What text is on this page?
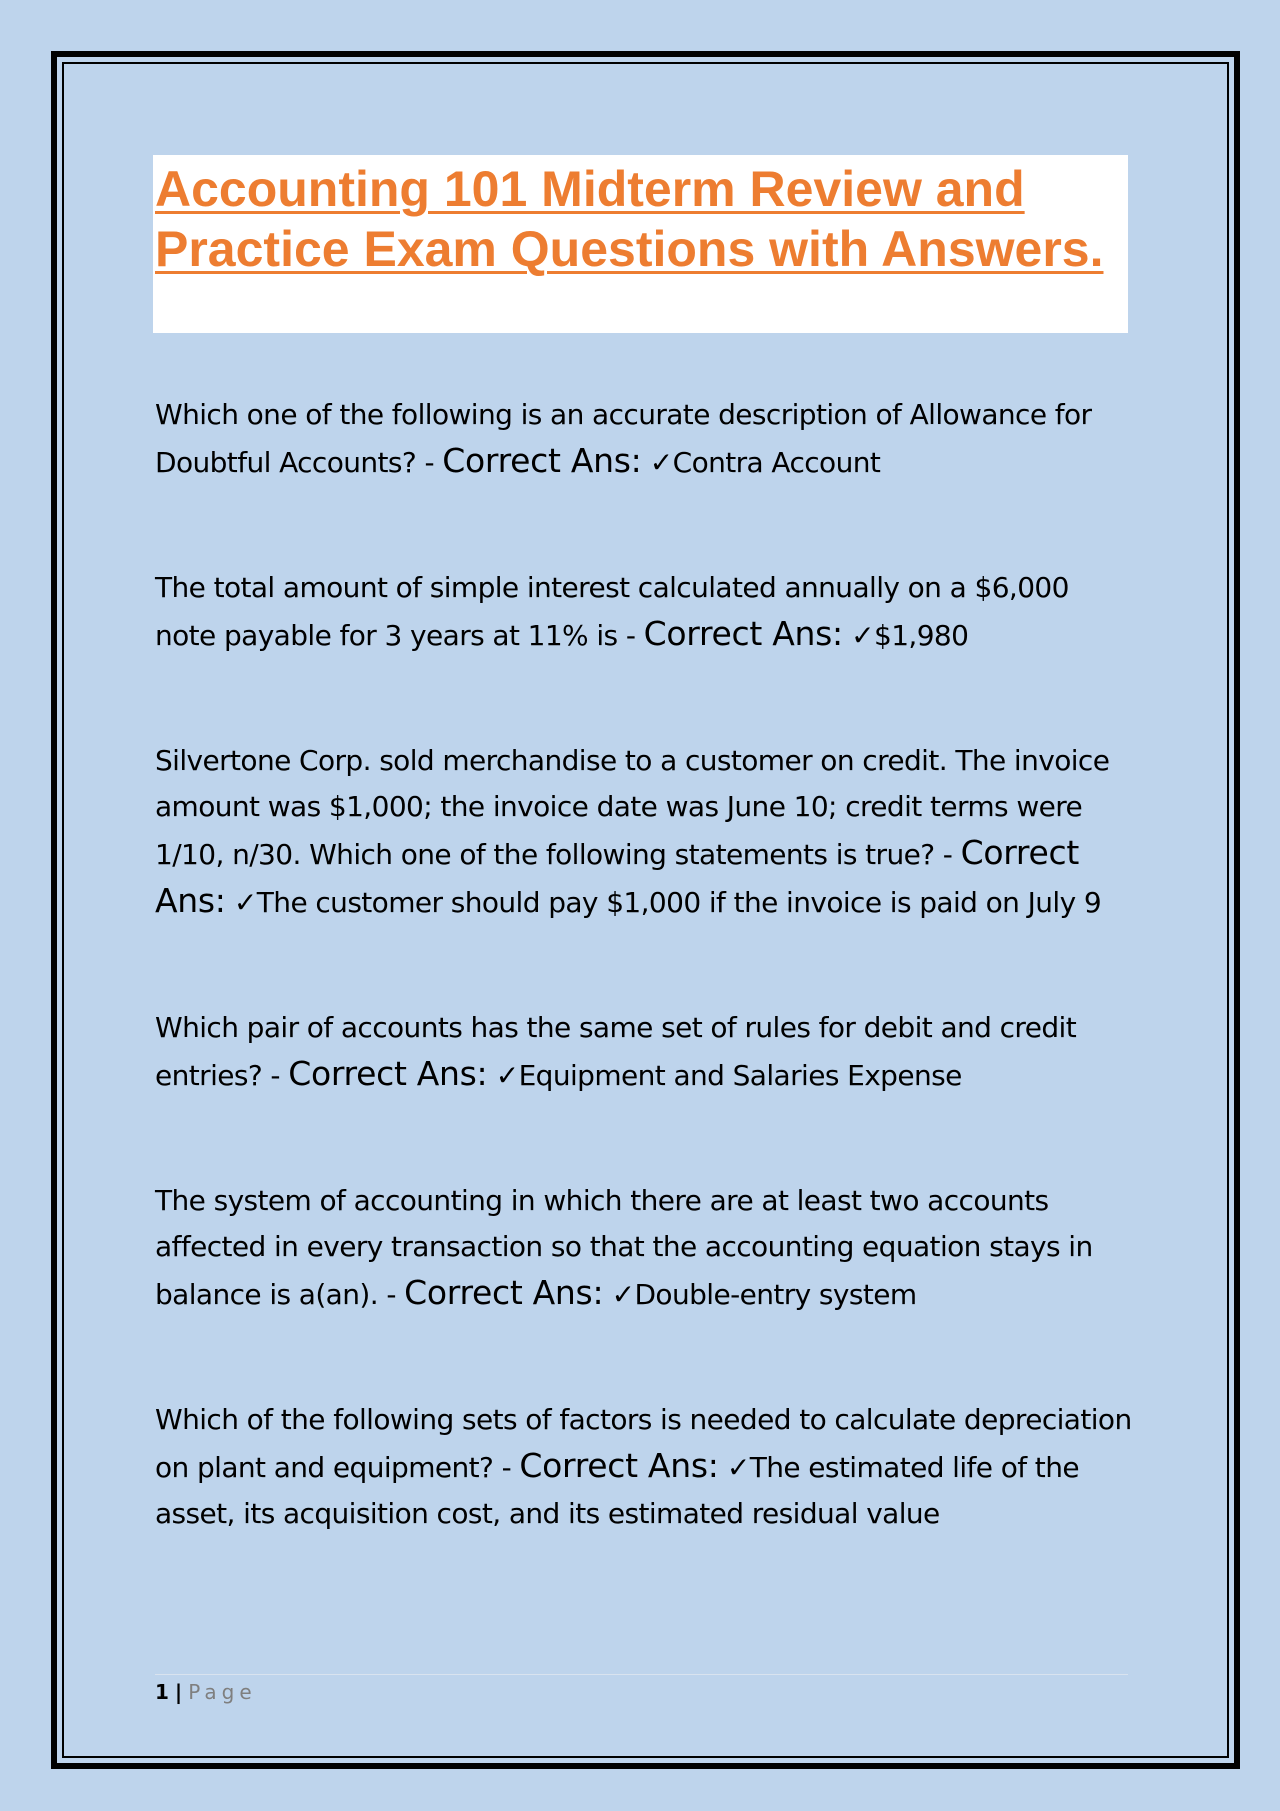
Accounting 101 Midterm Review and Practice Exam Questions with Answers.

Which one of the following is an accurate description of Allowance for Doubtful Accounts? - Correct Ans: ✓Contra Account

The total amount of simple interest calculated annually on a $6,000 note payable for 3 years at 11% is - Correct Ans: ✓$1,980

Silvertone Corp. sold merchandise to a customer on credit. The invoice amount was $1,000; the invoice date was June 10; credit terms were 1/10, n/30. Which one of the following statements is true? - Correct Ans: ✓The customer should pay $1,000 if the invoice is paid on July 9

Which pair of accounts has the same set of rules for debit and credit entries? - Correct Ans: ✓Equipment and Salaries Expense

The system of accounting in which there are at least two accounts affected in every transaction so that the accounting equation stays in balance is a(an). - Correct Ans: ✓Double-entry system

Which of the following sets of factors is needed to calculate depreciation on plant and equipment? - Correct Ans: ✓The estimated life of the asset, its acquisition cost, and its estimated residual value

1 | Page
